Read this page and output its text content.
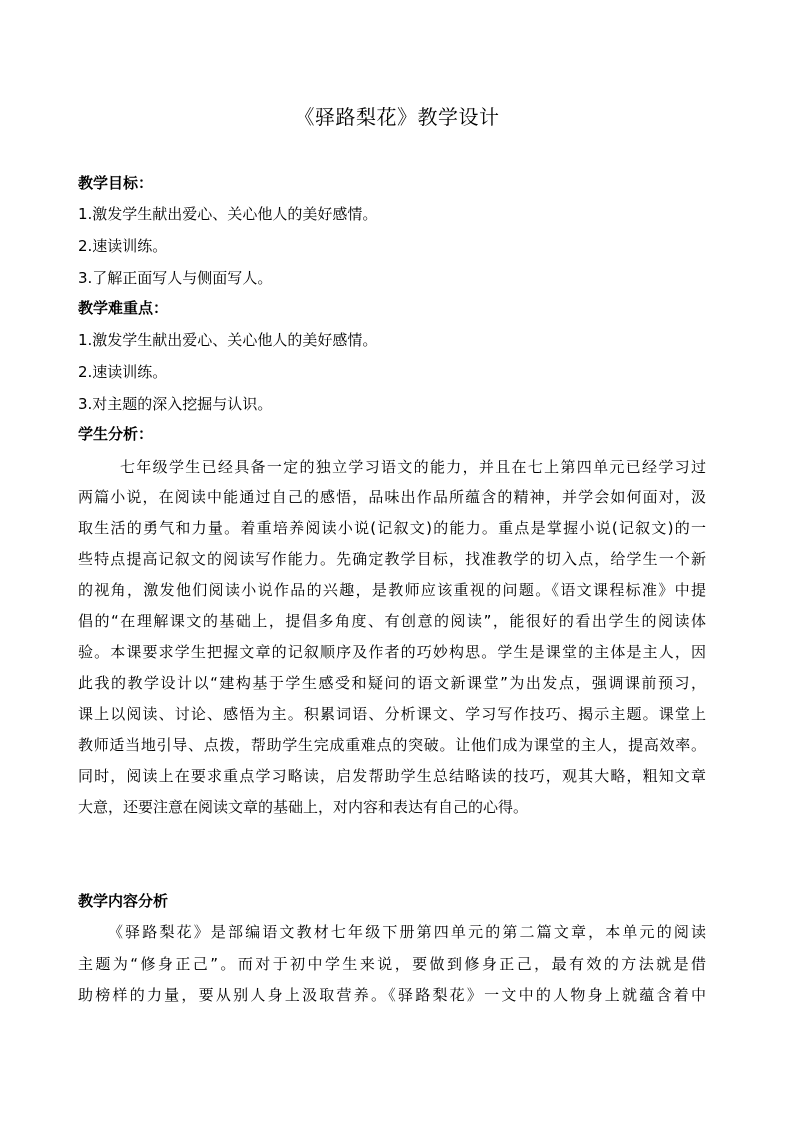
《驿路梨花》教学设计
教学目标：
1.激发学生献出爱心、关心他人的美好感情。
2.速读训练。
3.了解正面写人与侧面写人。
教学难重点：
1.激发学生献出爱心、关心他人的美好感情。
2.速读训练。
3.对主题的深入挖掘与认识。
学生分析：
七年级学生已经具备一定的独立学习语文的能力，并且在七上第四单元已经学习过
两篇小说，在阅读中能通过自己的感悟，品味出作品所蕴含的精神，并学会如何面对，汲
取生活的勇气和力量。着重培养阅读小说(记叙文)的能力。重点是掌握小说(记叙文)的一
些特点提高记叙文的阅读写作能力。先确定教学目标，找准教学的切入点，给学生一个新
的视角，激发他们阅读小说作品的兴趣，是教师应该重视的问题。《语文课程标准》中提
倡的“在理解课文的基础上，提倡多角度、有创意的阅读”，能很好的看出学生的阅读体
验。本课要求学生把握文章的记叙顺序及作者的巧妙构思。学生是课堂的主体是主人，因
此我的教学设计以“建构基于学生感受和疑问的语文新课堂”为出发点，强调课前预习，
课上以阅读、讨论、感悟为主。积累词语、分析课文、学习写作技巧、揭示主题。课堂上
教师适当地引导、点拨，帮助学生完成重难点的突破。让他们成为课堂的主人，提高效率。
同时，阅读上在要求重点学习略读，启发帮助学生总结略读的技巧，观其大略，粗知文章
大意，还要注意在阅读文章的基础上，对内容和表达有自己的心得。
教学内容分析
《驿路梨花》是部编语文教材七年级下册第四单元的第二篇文章，本单元的阅读
主题为“修身正己”。而对于初中学生来说，要做到修身正己，最有效的方法就是借
助榜样的力量，要从别人身上汲取营养。《驿路梨花》一文中的人物身上就蕴含着中
